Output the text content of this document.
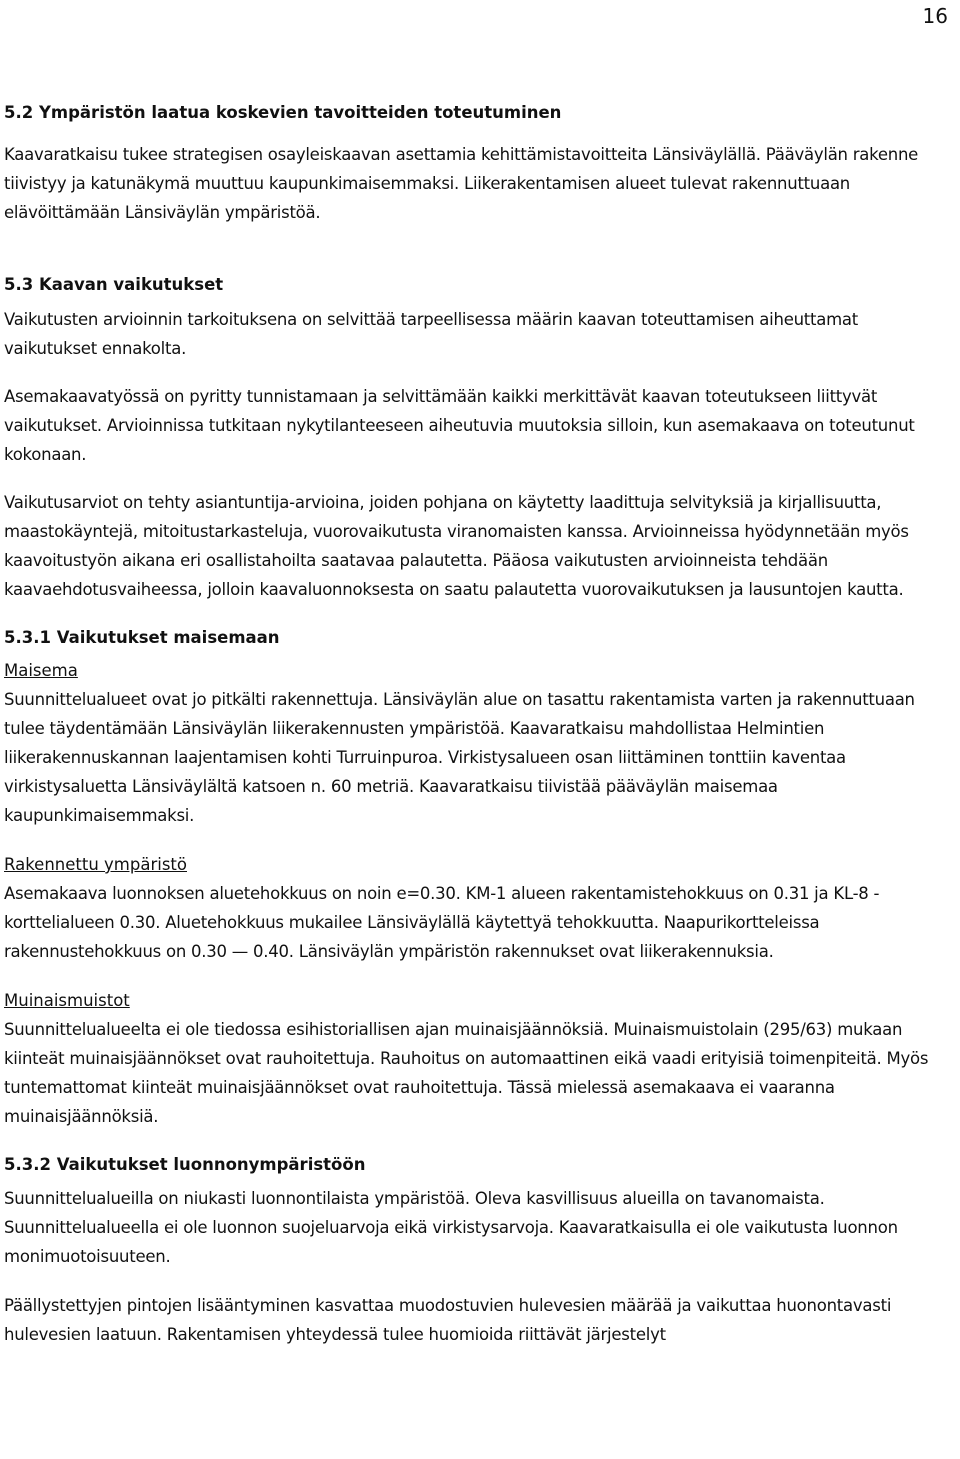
16
5.2 Ympäristön laatua koskevien tavoitteiden toteutuminen

Kaavaratkaisu tukee strategisen osayleiskaavan asettamia kehittämistavoitteita Länsiväylällä. Pääväylän rakenne tiivistyy ja katunäkymä muuttuu kaupunkimaisemmaksi. Liikerakentamisen alueet tulevat rakennuttuaan elävöittämään Länsiväylän ympäristöä.

5.3 Kaavan vaikutukset

Vaikutusten arvioinnin tarkoituksena on selvittää tarpeellisessa määrin kaavan toteuttamisen aiheuttamat vaikutukset ennakolta.

Asemakaavatyössä on pyritty tunnistamaan ja selvittämään kaikki merkittävät kaavan toteutukseen liittyvät vaikutukset. Arvioinnissa tutkitaan nykytilanteeseen aiheutuvia muutoksia silloin, kun asemakaava on toteutunut kokonaan.

Vaikutusarviot on tehty asiantuntija-arvioina, joiden pohjana on käytetty laadittuja selvityksiä ja kirjallisuutta, maastokäyntejä, mitoitustarkasteluja, vuorovaikutusta viranomaisten kanssa. Arvioinneissa hyödynnetään myös kaavoitustyön aikana eri osallistahoilta saatavaa palautetta. Pääosa vaikutusten arvioinneista tehdään kaavaehdotusvaiheessa, jolloin kaavaluonnoksesta on saatu palautetta vuorovaikutuksen ja lausuntojen kautta.

5.3.1 Vaikutukset maisemaan
Maisema

Suunnittelualueet ovat jo pitkälti rakennettuja. Länsiväylän alue on tasattu rakentamista varten ja rakennuttuaan tulee täydentämään Länsiväylän liikerakennusten ympäristöä. Kaavaratkaisu mahdollistaa Helmintien liikerakennuskannan laajentamisen kohti Turruinpuroa. Virkistysalueen osan liittäminen tonttiin kaventaa virkistysaluetta Länsiväylältä katsoen n. 60 metriä. Kaavaratkaisu tiivistää pääväylän maisemaa kaupunkimaisemmaksi.

Rakennettu ympäristö

Asemakaava luonnoksen aluetehokkuus on noin e=0.30. KM-1 alueen rakentamistehokkuus on 0.31 ja KL-8 -korttelialueen 0.30. Aluetehokkuus mukailee Länsiväylällä käytettyä tehokkuutta. Naapurikortteleissa rakennustehokkuus on 0.30 — 0.40. Länsiväylän ympäristön rakennukset ovat liikerakennuksia.

Muinaismuistot

Suunnittelualueelta ei ole tiedossa esihistoriallisen ajan muinaisjäännöksiä. Muinaismuistolain (295/63) mukaan kiinteät muinaisjäännökset ovat rauhoitettuja. Rauhoitus on automaattinen eikä vaadi erityisiä toimenpiteitä. Myös tuntemattomat kiinteät muinaisjäännökset ovat rauhoitettuja. Tässä mielessä asemakaava ei vaaranna muinaisjäännöksiä.

5.3.2 Vaikutukset luonnonympäristöön

Suunnittelualueilla on niukasti luonnontilaista ympäristöä. Oleva kasvillisuus alueilla on tavanomaista. Suunnittelualueella ei ole luonnon suojeluarvoja eikä virkistysarvoja. Kaavaratkaisulla ei ole vaikutusta luonnon monimuotoisuuteen.

Päällystettyjen pintojen lisääntyminen kasvattaa muodostuvien hulevesien määrää ja vaikuttaa huonontavasti hulevesien laatuun. Rakentamisen yhteydessä tulee huomioida riittävät järjestelyt
